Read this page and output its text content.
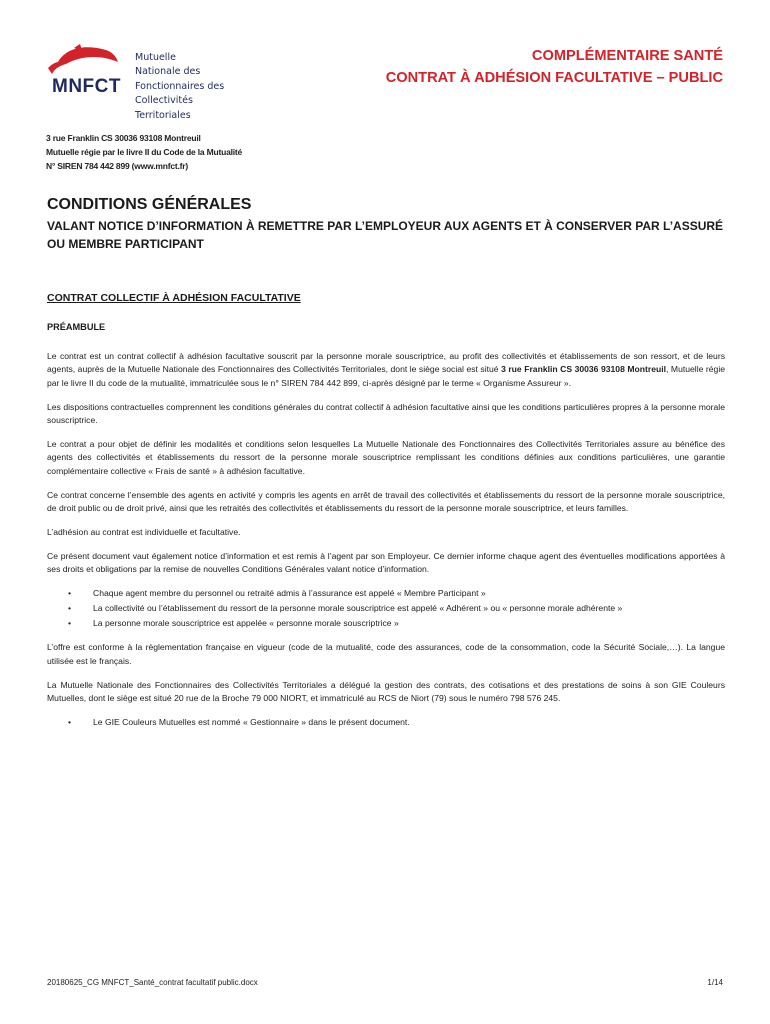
MNFCT
Mutuelle
Nationale des
Fonctionnaires des
Collectivités
Territoriales
3 rue Franklin CS 30036 93108 Montreuil
Mutuelle régie par le livre II du Code de la Mutualité
N° SIREN 784 442 899 (www.mnfct.fr)
COMPLÉMENTAIRE SANTÉ
CONTRAT À ADHÉSION FACULTATIVE – PUBLIC
CONDITIONS GÉNÉRALES
VALANT NOTICE D’INFORMATION À REMETTRE PAR L’EMPLOYEUR AUX AGENTS ET À CONSERVER PAR L’ASSURÉ OU MEMBRE PARTICIPANT
CONTRAT COLLECTIF À ADHÉSION FACULTATIVE
PRÉAMBULE

Le contrat est un contrat collectif à adhésion facultative souscrit par la personne morale souscriptrice, au profit des collectivités et établissements de son ressort, et de leurs agents, auprès de la Mutuelle Nationale des Fonctionnaires des Collectivités Territoriales, dont le siège social est situé 3 rue Franklin CS 30036 93108 Montreuil, Mutuelle régie par le livre II du code de la mutualité, immatriculée sous le n° SIREN 784 442 899, ci-après désigné par le terme « Organisme Assureur ».

Les dispositions contractuelles comprennent les conditions générales du contrat collectif à adhésion facultative ainsi que les conditions particulières propres à la personne morale souscriptrice.

Le contrat a pour objet de définir les modalités et conditions selon lesquelles La Mutuelle Nationale des Fonctionnaires des Collectivités Territoriales assure au bénéfice des agents des collectivités et établissements du ressort de la personne morale souscriptrice remplissant les conditions définies aux conditions particulières, une garantie complémentaire collective « Frais de santé » à adhésion facultative.

Ce contrat concerne l’ensemble des agents en activité y compris les agents en arrêt de travail des collectivités et établissements du ressort de la personne morale souscriptrice, de droit public ou de droit privé, ainsi que les retraités des collectivités et établissements du ressort de la personne morale souscriptrice, et leurs familles.

L’adhésion au contrat est individuelle et facultative.

Ce présent document vaut également notice d’information et est remis à l’agent par son Employeur. Ce dernier informe chaque agent des éventuelles modifications apportées à ses droits et obligations par la remise de nouvelles Conditions Générales valant notice d’information.

• Chaque agent membre du personnel ou retraité admis à l’assurance est appelé « Membre Participant »
• La collectivité ou l’établissement du ressort de la personne morale souscriptrice est appelé « Adhérent » ou « personne morale adhérente »
• La personne morale souscriptrice est appelée « personne morale souscriptrice »

L’offre est conforme à la règlementation française en vigueur (code de la mutualité, code des assurances, code de la consommation, code la Sécurité Sociale,…). La langue utilisée est le français.

La Mutuelle Nationale des Fonctionnaires des Collectivités Territoriales a délégué la gestion des contrats, des cotisations et des prestations de soins à son GIE Couleurs Mutuelles, dont le siège est situé 20 rue de la Broche 79 000 NIORT, et immatriculé au RCS de Niort (79) sous le numéro 798 576 245.

• Le GIE Couleurs Mutuelles est nommé « Gestionnaire » dans le présent document.
20180625_CG MNFCT_Santé_contrat facultatif public.docx	1/14
